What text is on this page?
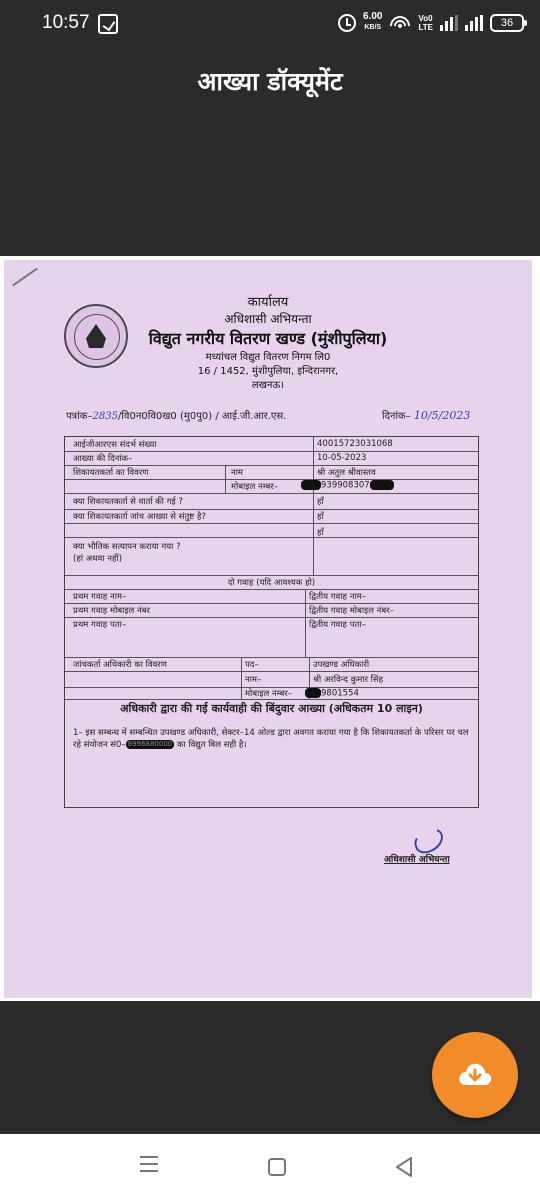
10:57	6.00
KB/S
Vo0
LTE	36
आख्या डॉक्यूमेंट
कार्यालय
अधिशासी अभियन्ता
विद्युत नगरीय वितरण खण्ड (मुंशीपुलिया)
मध्यांचल विद्युत वितरण निगम लि0
16 / 1452, मुंशीपुलिया, इन्दिरानगर,
लखनऊ।
पत्रांक–2835/वि0न0वि0ख0 (मु0पु0) / आई.जी.आर.एस.	दिनांक– 10/5/2023
आईजीआरएस संदर्भ संख्या	40015723031068
आख्या की दिनांक–	10-05-2023
शिकायतकर्ता का विवरण	नाम	श्री अतुल श्रीवास्तव
मोबाइल नम्बर–	939908307
क्या शिकायतकर्ता से वार्ता की गई ?	हाँ
क्या शिकायतकर्ता जांच आख्या से संतुष्ट है?	हाँ
क्या भौतिक सत्यापन कराया गया ?
(हां अथवा नहीं)
हाँ
दो गवाह (यदि आवश्यक हो)
प्रथम गवाह नाम–	द्वितीय गवाह नाम–
प्रथम गवाह मोबाइल नंबर	द्वितीय गवाह मोबाइल नंबर–
प्रथम गवाह पता–	द्वितीय गवाह पता–
जांचकर्ता अधिकारी का विवरण	पद–	उपखण्ड अधिकारी
नाम–	श्री अरविन्द कुमार सिंह
मोबाइल नम्बर–	9801554
अधिकारी द्वारा की गई कार्यवाही की बिंदुवार आख्या (अधिकतम 10 लाइन)
1– इस सम्बन्ध में सम्बन्धित उपखण्ड अधिकारी, सेक्टर–14 ओल्ड द्वारा अवगत कराया गया है कि शिकायतकर्ता के परिसर पर चल रहे संयोजन सं0– 8996880000 का विद्युत बिल सही है।
अधिशासी अभियन्ता
